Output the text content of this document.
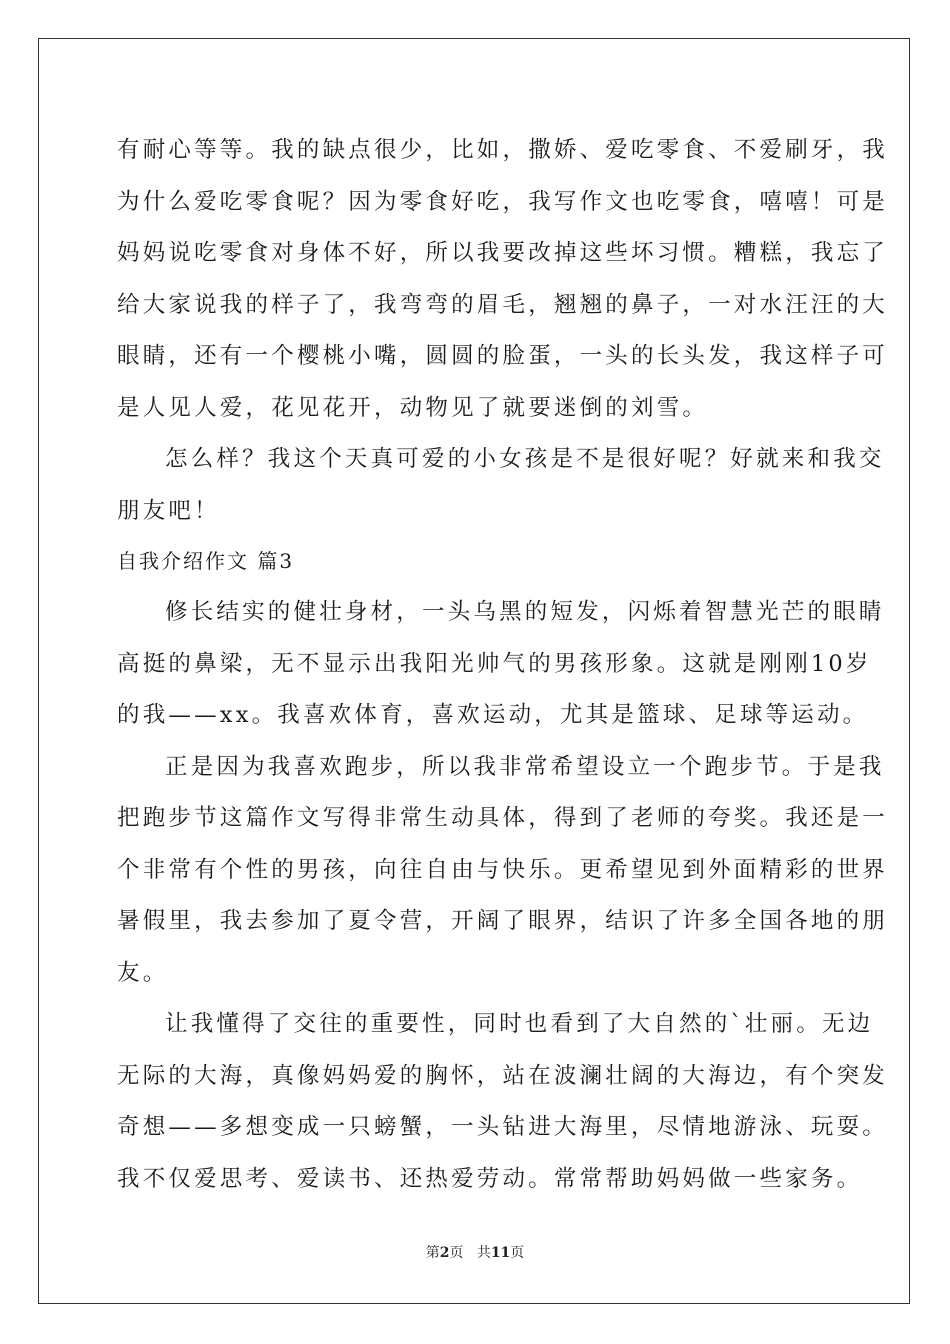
有耐心等等。我的缺点很少，比如，撒娇、爱吃零食、不爱刷牙，我
为什么爱吃零食呢？因为零食好吃，我写作文也吃零食，嘻嘻！可是
妈妈说吃零食对身体不好，所以我要改掉这些坏习惯。糟糕，我忘了
给大家说我的样子了，我弯弯的眉毛，翘翘的鼻子，一对水汪汪的大
眼睛，还有一个樱桃小嘴，圆圆的脸蛋，一头的长头发，我这样子可
是人见人爱，花见花开，动物见了就要迷倒的刘雪。
怎么样？我这个天真可爱的小女孩是不是很好呢？好就来和我交
朋友吧！
自我介绍作文 篇3
修长结实的健壮身材，一头乌黑的短发，闪烁着智慧光芒的眼睛
高挺的鼻梁，无不显示出我阳光帅气的男孩形象。这就是刚刚10岁
的我——xx。我喜欢体育，喜欢运动，尤其是篮球、足球等运动。
正是因为我喜欢跑步，所以我非常希望设立一个跑步节。于是我
把跑步节这篇作文写得非常生动具体，得到了老师的夸奖。我还是一
个非常有个性的男孩，向往自由与快乐。更希望见到外面精彩的世界
暑假里，我去参加了夏令营，开阔了眼界，结识了许多全国各地的朋
友。
让我懂得了交往的重要性，同时也看到了大自然的`壮丽。无边
无际的大海，真像妈妈爱的胸怀，站在波澜壮阔的大海边，有个突发
奇想——多想变成一只螃蟹，一头钻进大海里，尽情地游泳、玩耍。
我不仅爱思考、爱读书、还热爱劳动。常常帮助妈妈做一些家务。
第2页 共11页
